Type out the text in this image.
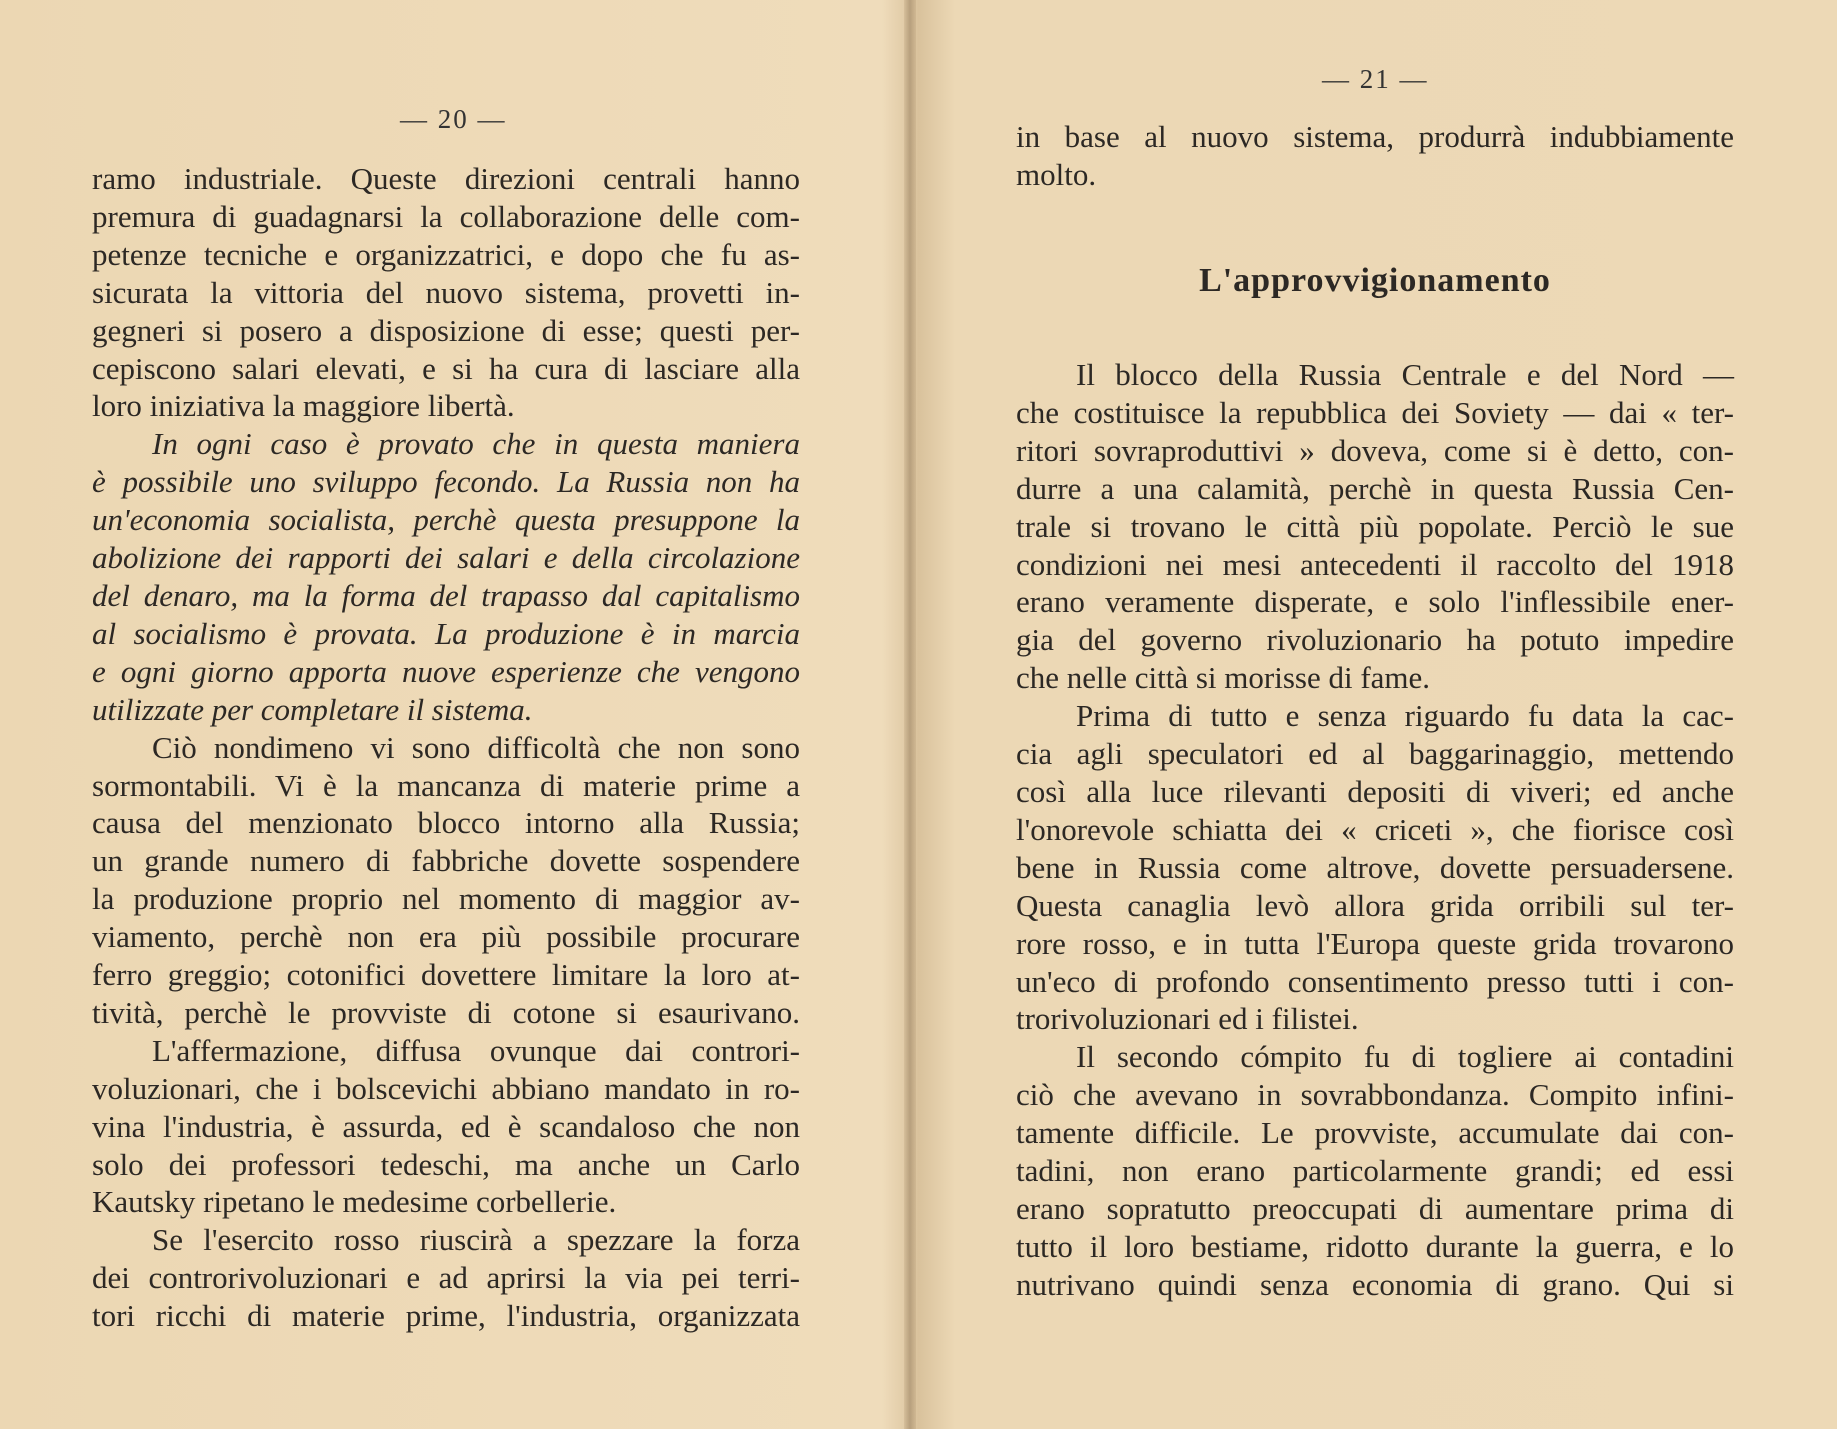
— 20 —
ramo industriale. Queste direzioni centrali hanno
premura di guadagnarsi la collaborazione delle com-
petenze tecniche e organizzatrici, e dopo che fu as-
sicurata la vittoria del nuovo sistema, provetti in-
gegneri si posero a disposizione di esse; questi per-
cepiscono salari elevati, e si ha cura di lasciare alla
loro iniziativa la maggiore libertà.
In ogni caso è provato che in questa maniera
è possibile uno sviluppo fecondo. La Russia non ha
un'economia socialista, perchè questa presuppone la
abolizione dei rapporti dei salari e della circolazione
del denaro, ma la forma del trapasso dal capitalismo
al socialismo è provata. La produzione è in marcia
e ogni giorno apporta nuove esperienze che vengono
utilizzate per completare il sistema.
Ciò nondimeno vi sono difficoltà che non sono
sormontabili. Vi è la mancanza di materie prime a
causa del menzionato blocco intorno alla Russia;
un grande numero di fabbriche dovette sospendere
la produzione proprio nel momento di maggior av-
viamento, perchè non era più possibile procurare
ferro greggio; cotonifici dovettere limitare la loro at-
tività, perchè le provviste di cotone si esaurivano.
L'affermazione, diffusa ovunque dai controri-
voluzionari, che i bolscevichi abbiano mandato in ro-
vina l'industria, è assurda, ed è scandaloso che non
solo dei professori tedeschi, ma anche un Carlo
Kautsky ripetano le medesime corbellerie.
Se l'esercito rosso riuscirà a spezzare la forza
dei controrivoluzionari e ad aprirsi la via pei terri-
tori ricchi di materie prime, l'industria, organizzata
— 21 —
in base al nuovo sistema, produrrà indubbiamente
molto.
L'approvvigionamento
Il blocco della Russia Centrale e del Nord —
che costituisce la repubblica dei Soviety — dai « ter-
ritori sovraproduttivi » doveva, come si è detto, con-
durre a una calamità, perchè in questa Russia Cen-
trale si trovano le città più popolate. Perciò le sue
condizioni nei mesi antecedenti il raccolto del 1918
erano veramente disperate, e solo l'inflessibile ener-
gia del governo rivoluzionario ha potuto impedire
che nelle città si morisse di fame.
Prima di tutto e senza riguardo fu data la cac-
cia agli speculatori ed al baggarinaggio, mettendo
così alla luce rilevanti depositi di viveri; ed anche
l'onorevole schiatta dei « criceti », che fiorisce così
bene in Russia come altrove, dovette persuadersene.
Questa canaglia levò allora grida orribili sul ter-
rore rosso, e in tutta l'Europa queste grida trovarono
un'eco di profondo consentimento presso tutti i con-
trorivoluzionari ed i filistei.
Il secondo cómpito fu di togliere ai contadini
ciò che avevano in sovrabbondanza. Compito infini-
tamente difficile. Le provviste, accumulate dai con-
tadini, non erano particolarmente grandi; ed essi
erano sopratutto preoccupati di aumentare prima di
tutto il loro bestiame, ridotto durante la guerra, e lo
nutrivano quindi senza economia di grano. Qui si
